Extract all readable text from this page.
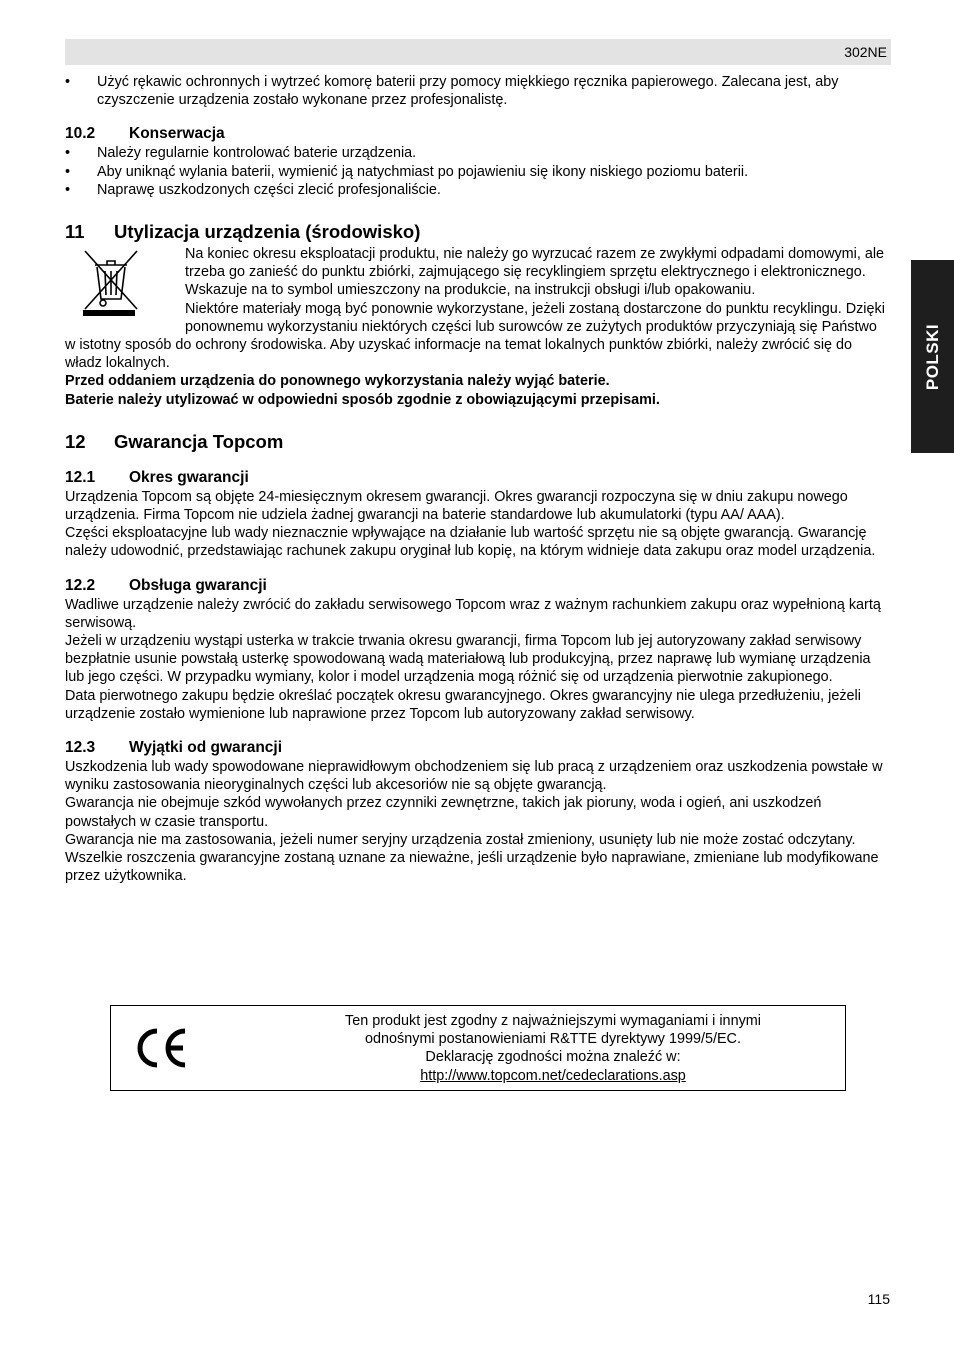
302NE
POLSKI
• Użyć rękawic ochronnych i wytrzeć komorę baterii przy pomocy miękkiego ręcznika papierowego. Zalecana jest, aby czyszczenie urządzenia zostało wykonane przez profesjonalistę.
10.2 Konserwacja
• Należy regularnie kontrolować baterie urządzenia.
• Aby uniknąć wylania baterii, wymienić ją natychmiast po pojawieniu się ikony niskiego poziomu baterii.
• Naprawę uszkodzonych części zlecić profesjonaliście.
11 Utylizacja urządzenia (środowisko)

Na koniec okresu eksploatacji produktu, nie należy go wyrzucać razem ze zwykłymi odpadami domowymi, ale trzeba go zanieść do punktu zbiórki, zajmującego się recyklingiem sprzętu elektrycznego i elektronicznego. Wskazuje na to symbol umieszczony na produkcie, na instrukcji obsługi i/lub opakowaniu.

Niektóre materiały mogą być ponownie wykorzystane, jeżeli zostaną dostarczone do punktu recyklingu. Dzięki ponownemu wykorzystaniu niektórych części lub surowców ze zużytych produktów przyczyniają się Państwo w istotny sposób do ochrony środowiska. Aby uzyskać informacje na temat lokalnych punktów zbiórki, należy zwrócić się do władz lokalnych.

Przed oddaniem urządzenia do ponownego wykorzystania należy wyjąć baterie.

Baterie należy utylizować w odpowiedni sposób zgodnie z obowiązującymi przepisami.

12 Gwarancja Topcom
12.1 Okres gwarancji

Urządzenia Topcom są objęte 24-miesięcznym okresem gwarancji. Okres gwarancji rozpoczyna się w dniu zakupu nowego urządzenia. Firma Topcom nie udziela żadnej gwarancji na baterie standardowe lub akumulatorki (typu AA/ AAA).

Części eksploatacyjne lub wady nieznacznie wpływające na działanie lub wartość sprzętu nie są objęte gwarancją. Gwarancję należy udowodnić, przedstawiając rachunek zakupu oryginał lub kopię, na którym widnieje data zakupu oraz model urządzenia.

12.2 Obsługa gwarancji

Wadliwe urządzenie należy zwrócić do zakładu serwisowego Topcom wraz z ważnym rachunkiem zakupu oraz wypełnioną kartą serwisową.

Jeżeli w urządzeniu wystąpi usterka w trakcie trwania okresu gwarancji, firma Topcom lub jej autoryzowany zakład serwisowy bezpłatnie usunie powstałą usterkę spowodowaną wadą materiałową lub produkcyjną, przez naprawę lub wymianę urządzenia lub jego części. W przypadku wymiany, kolor i model urządzenia mogą różnić się od urządzenia pierwotnie zakupionego.

Data pierwotnego zakupu będzie określać początek okresu gwarancyjnego. Okres gwarancyjny nie ulega przedłużeniu, jeżeli urządzenie zostało wymienione lub naprawione przez Topcom lub autoryzowany zakład serwisowy.

12.3 Wyjątki od gwarancji

Uszkodzenia lub wady spowodowane nieprawidłowym obchodzeniem się lub pracą z urządzeniem oraz uszkodzenia powstałe w wyniku zastosowania nieoryginalnych części lub akcesoriów nie są objęte gwarancją.

Gwarancja nie obejmuje szkód wywołanych przez czynniki zewnętrzne, takich jak pioruny, woda i ogień, ani uszkodzeń powstałych w czasie transportu.

Gwarancja nie ma zastosowania, jeżeli numer seryjny urządzenia został zmieniony, usunięty lub nie może zostać odczytany.

Wszelkie roszczenia gwarancyjne zostaną uznane za nieważne, jeśli urządzenie było naprawiane, zmieniane lub modyfikowane przez użytkownika.

Ten produkt jest zgodny z najważniejszymi wymaganiami i innymi
odnośnymi postanowieniami R&TTE dyrektywy 1999/5/EC.
Deklarację zgodności można znaleźć w:
http://www.topcom.net/cedeclarations.asp
115
